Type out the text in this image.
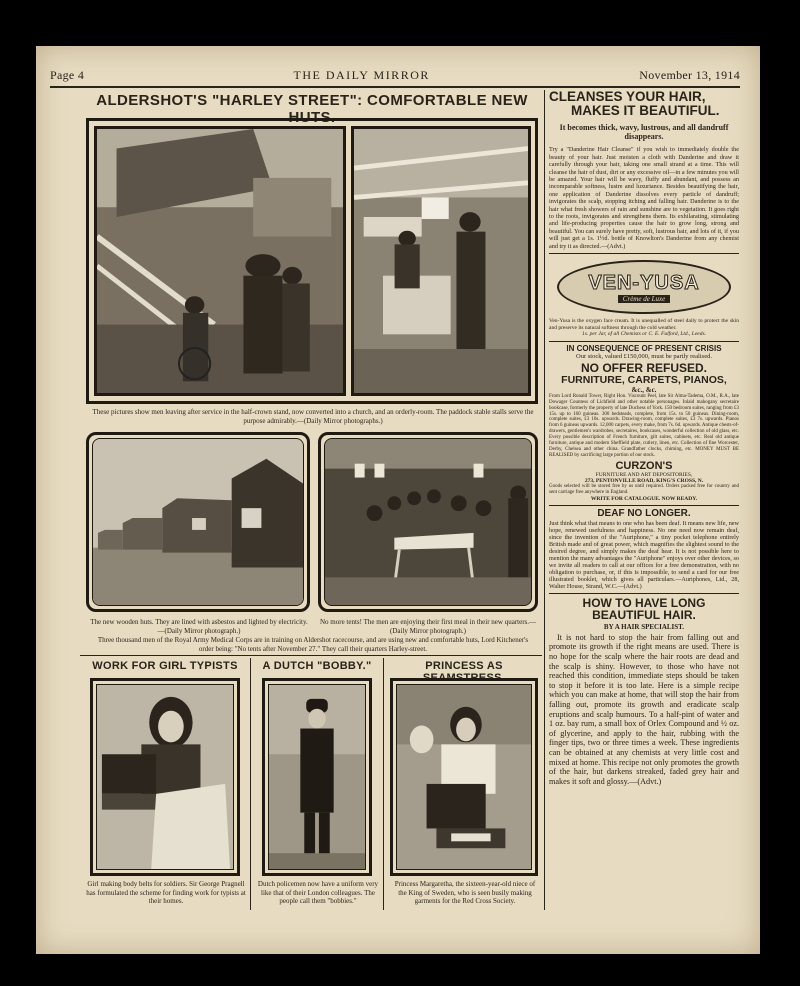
Page 4	THE DAILY MIRROR	November 13, 1914
ALDERSHOT'S "HARLEY STREET": COMFORTABLE NEW HUTS.
These pictures show men leaving after service in the half-crown stand, now converted into a church, and an orderly-room. The paddock stable stalls serve the purpose admirably.—(Daily Mirror photographs.)
The new wooden huts. They are lined with asbestos and lighted by electricity.—(Daily Mirror photograph.)
No more tents! The men are enjoying their first meal in their new quarters.—(Daily Mirror photograph.)
Three thousand men of the Royal Army Medical Corps are in training on Aldershot racecourse, and are using new and comfortable huts, Lord Kitchener's order being: "No tents after November 27." They call their quarters Harley-street.
WORK FOR GIRL TYPISTS
Girl making body belts for soldiers. Sir George Pragnell has formulated the scheme for finding work for typists at their homes.
A DUTCH "BOBBY."
Dutch policemen now have a uniform very like that of their London colleagues. The people call them "bobbies."
PRINCESS AS SEAMSTRESS.
Princess Margaretha, the sixteen-year-old niece of the King of Sweden, who is seen busily making garments for the Red Cross Society.
CLEANSES YOUR HAIR,
MAKES IT BEAUTIFUL.
It becomes thick, wavy, lustrous, and all dandruff disappears.
Try a "Danderine Hair Cleanse" if you wish to immediately double the beauty of your hair. Just moisten a cloth with Danderine and draw it carefully through your hair, taking one small strand at a time. This will cleanse the hair of dust, dirt or any excessive oil—in a few minutes you will be amazed. Your hair will be wavy, fluffy and abundant, and possess an incomparable softness, lustre and luxuriance. Besides beautifying the hair, one application of Danderine dissolves every particle of dandruff; invigorates the scalp, stopping itching and falling hair. Danderine is to the hair what fresh showers of rain and sunshine are to vegetation. It goes right to the roots, invigorates and strengthens them. Its exhilarating, stimulating and life-producing properties cause the hair to grow long, strong and beautiful. You can surely have pretty, soft, lustrous hair, and lots of it, if you will just get a 1s. 1½d. bottle of Knowlton's Danderine from any chemist and try it as directed.—(Advt.)
VEN-YUSA
Crème de Luxe
Ven-Yusa is the oxygen face cream. It is unequalled of steel daily to protect the skin and preserve its natural softness through the cold weather.
1s. per Jar, of all Chemists or C. E. Fulford, Ltd., Leeds.
IN CONSEQUENCE OF PRESENT CRISIS
Our stock, valued £150,000, must be partly realised.
NO OFFER REFUSED.
FURNITURE, CARPETS, PIANOS,
&c., &c.
From Lord Ronald Tower, Right Hon. Viscount Peel, late Sir Alma-Tadema, O.M., R.A., late Dowager Countess of Lichfield and other notable personages. Inlaid mahogany secretaire bookcase, formerly the property of late Duchess of York. 150 bedroom suites, ranging from £3 15s. up to 160 guineas. 300 bedsteads, complete, from 15s. to 50 guineas. Dining-room, complete suites, £3 10s. upwards. Drawing-room, complete suites, £3 7s. upwards. Pianos from 6 guineas upwards. 12,000 carpets, every make, from 7s. 6d. upwards. Antique chests-of-drawers, gentlemen's wardrobes, secretaires, bookcases, wonderful collection of old glass, etc. Every possible description of French furniture, gilt suites, cabinets, etc. Real old antique furniture, antique and modern Sheffield plate, cutlery, linen, etc. Collection of fine Worcester, Derby, Chelsea and other china. Grandfather clocks, chiming, etc. MONEY MUST BE REALISED by sacrificing large portion of our stock.
CURZON'S
FURNITURE AND ART DEPOSITORIES,
273, PENTONVILLE ROAD, KING'S CROSS, N.
Goods selected will be stored free by us until required. Orders packed free for country and sent carriage free anywhere in England.
WRITE FOR CATALOGUE. NOW READY.
DEAF NO LONGER.
Just think what that means to one who has been deaf. It means new life, new hope, renewed usefulness and happiness. No one need now remain deaf, since the invention of the "Auriphone," a tiny pocket telephone entirely British made and of great power, which magnifies the slightest sound to the desired degree, and simply makes the deaf hear. It is not possible here to mention the many advantages the "Auriphone" enjoys over other devices, so we invite all readers to call at our offices for a free demonstration, with no obligation to purchase, or, if this is impossible, to send a card for our free illustrated booklet, which gives all particulars.—Auriphones, Ltd., 28, Walter House, Strand, W.C.—(Advt.)
HOW TO HAVE LONG
BEAUTIFUL HAIR.
BY A HAIR SPECIALIST.
It is not hard to stop the hair from falling out and promote its growth if the right means are used. There is no hope for the scalp where the hair roots are dead and the scalp is shiny. However, to those who have not reached this condition, immediate steps should be taken to stop it before it is too late. Here is a simple recipe which you can make at home, that will stop the hair from falling out, promote its growth and eradicate scalp eruptions and scalp humours. To a half-pint of water and 1 oz. bay rum, a small box of Orlex Compound and ½ oz. of glycerine, and apply to the hair, rubbing with the finger tips, two or three times a week. These ingredients can be obtained at any chemists at very little cost and mixed at home. This recipe not only promotes the growth of the hair, but darkens streaked, faded grey hair and makes it soft and glossy.—(Advt.)
